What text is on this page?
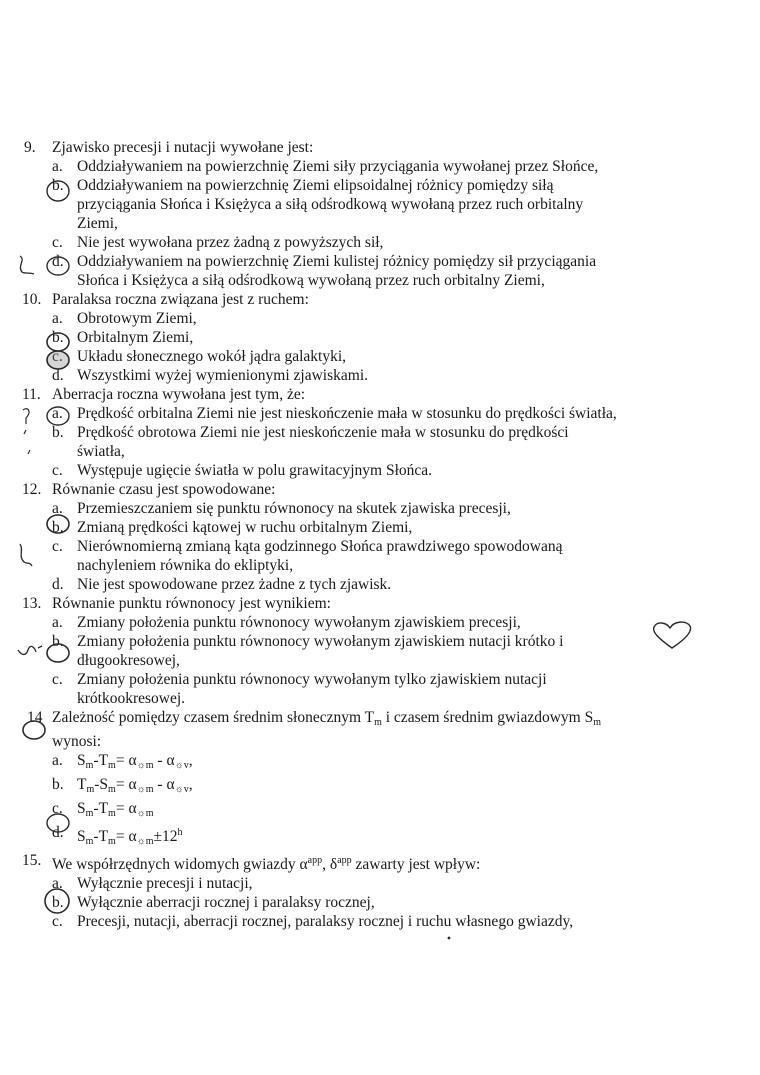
9.	Zjawisko precesji i nutacji wywołane jest:
a. Oddziaływaniem na powierzchnię Ziemi siły przyciągania wywołanej przez Słońce,
b. Oddziaływaniem na powierzchnię Ziemi elipsoidalnej różnicy pomiędzy siłą przyciągania Słońca i Księżyca a siłą odśrodkową wywołaną przez ruch orbitalny Ziemi,
c. Nie jest wywołana przez żadną z powyższych sił,
d. Oddziaływaniem na powierzchnię Ziemi kulistej różnicy pomiędzy sił przyciągania Słońca i Księżyca a siłą odśrodkową wywołaną przez ruch orbitalny Ziemi,
10. Paralaksa roczna związana jest z ruchem:
a. Obrotowym Ziemi,
b. Orbitalnym Ziemi,
c. Układu słonecznego wokół jądra galaktyki,
d. Wszystkimi wyżej wymienionymi zjawiskami.
11. Aberracja roczna wywołana jest tym, że:
a. Prędkość orbitalna Ziemi nie jest nieskończenie mała w stosunku do prędkości światła,
b. Prędkość obrotowa Ziemi nie jest nieskończenie mała w stosunku do prędkości światła,
c. Występuje ugięcie światła w polu grawitacyjnym Słońca.
12. Równanie czasu jest spowodowane:
a. Przemieszczaniem się punktu równonocy na skutek zjawiska precesji,
b. Zmianą prędkości kątowej w ruchu orbitalnym Ziemi,
c. Nierównomierną zmianą kąta godzinnego Słońca prawdziwego spowodowaną nachyleniem równika do ekliptyki,
d. Nie jest spowodowane przez żadne z tych zjawisk.
13. Równanie punktu równonocy jest wynikiem:
a. Zmiany położenia punktu równonocy wywołanym zjawiskiem precesji,
b. Zmiany położenia punktu równonocy wywołanym zjawiskiem nutacji krótko i długookresowej,
c. Zmiany położenia punktu równonocy wywołanym tylko zjawiskiem nutacji krótkookresowej.
14 Zależność pomiędzy czasem średnim słonecznym $T_m$ i czasem średnim gwiazdowym $S_m$ wynosi:
a. $S_m-T_m= \alpha_{☼m} - \alpha_{☼v}$,
b. $T_m-S_m= \alpha_{☼m} - \alpha_{☼v}$,
c. $S_m-T_m= \alpha_{☼m}$
d. $S_m-T_m= \alpha_{☼m}\pm 12^h$
15. We współrzędnych widomych gwiazdy $\alpha^{app}$, $\delta^{app}$ zawarty jest wpływ:
a. Wyłącznie precesji i nutacji,
b. Wyłącznie aberracji rocznej i paralaksy rocznej,
c. Precesji, nutacji, aberracji rocznej, paralaksy rocznej i ruchu własnego gwiazdy,
